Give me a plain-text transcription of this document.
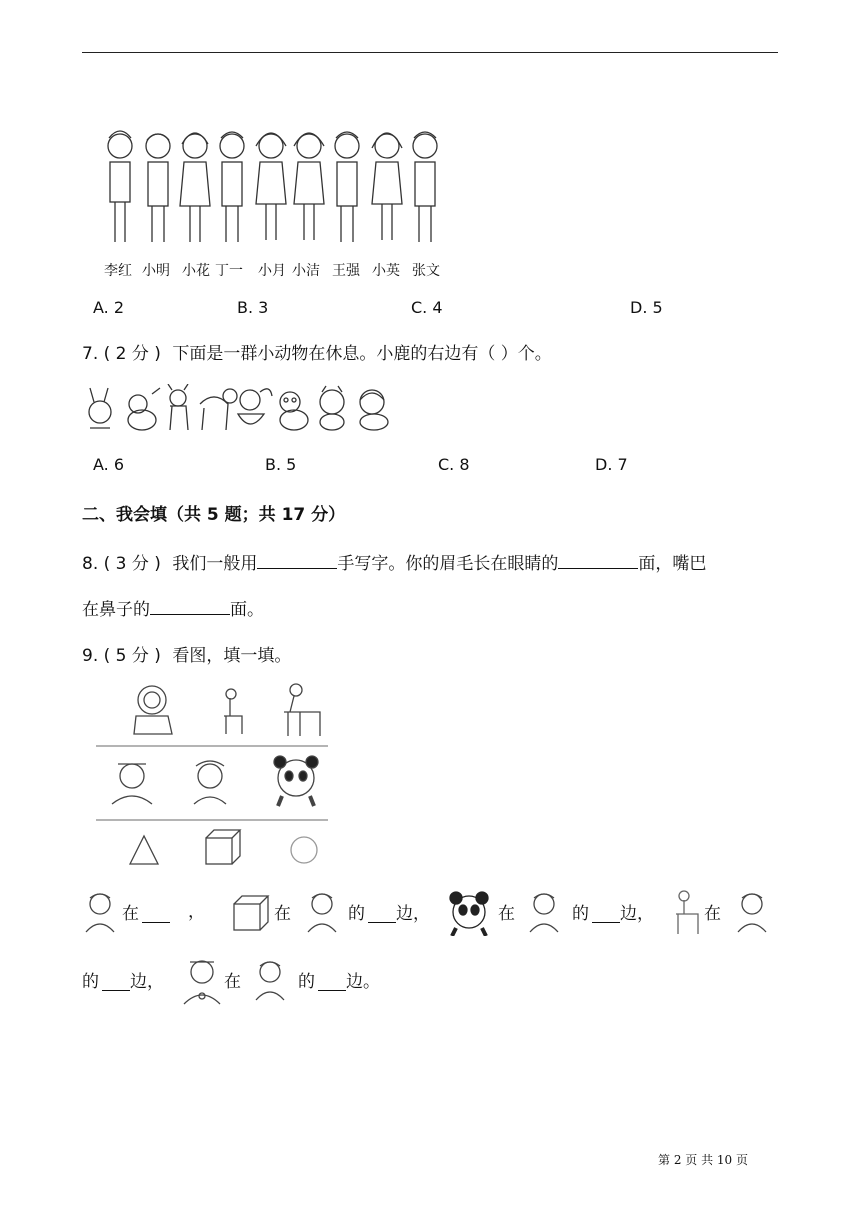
李红 小明 小花 丁一 小月 小洁 王强 小英 张文
A. 2	B. 3	C. 4	D. 5
7. ( 2 分 ) 下面是一群小动物在休息。小鹿的右边有（ ）个。
A. 6	B. 5	C. 8	D. 7
二、我会填（共 5 题；共 17 分）
8. ( 3 分 ) 我们一般用	手写字。你的眉毛长在眼睛的	面，嘴巴
在鼻子的	面。
9. ( 5 分 ) 看图，填一填。
在	，	在	的 边，	在	的 边，	在
的 边，	在	的 边。
第 2 页 共 10 页
